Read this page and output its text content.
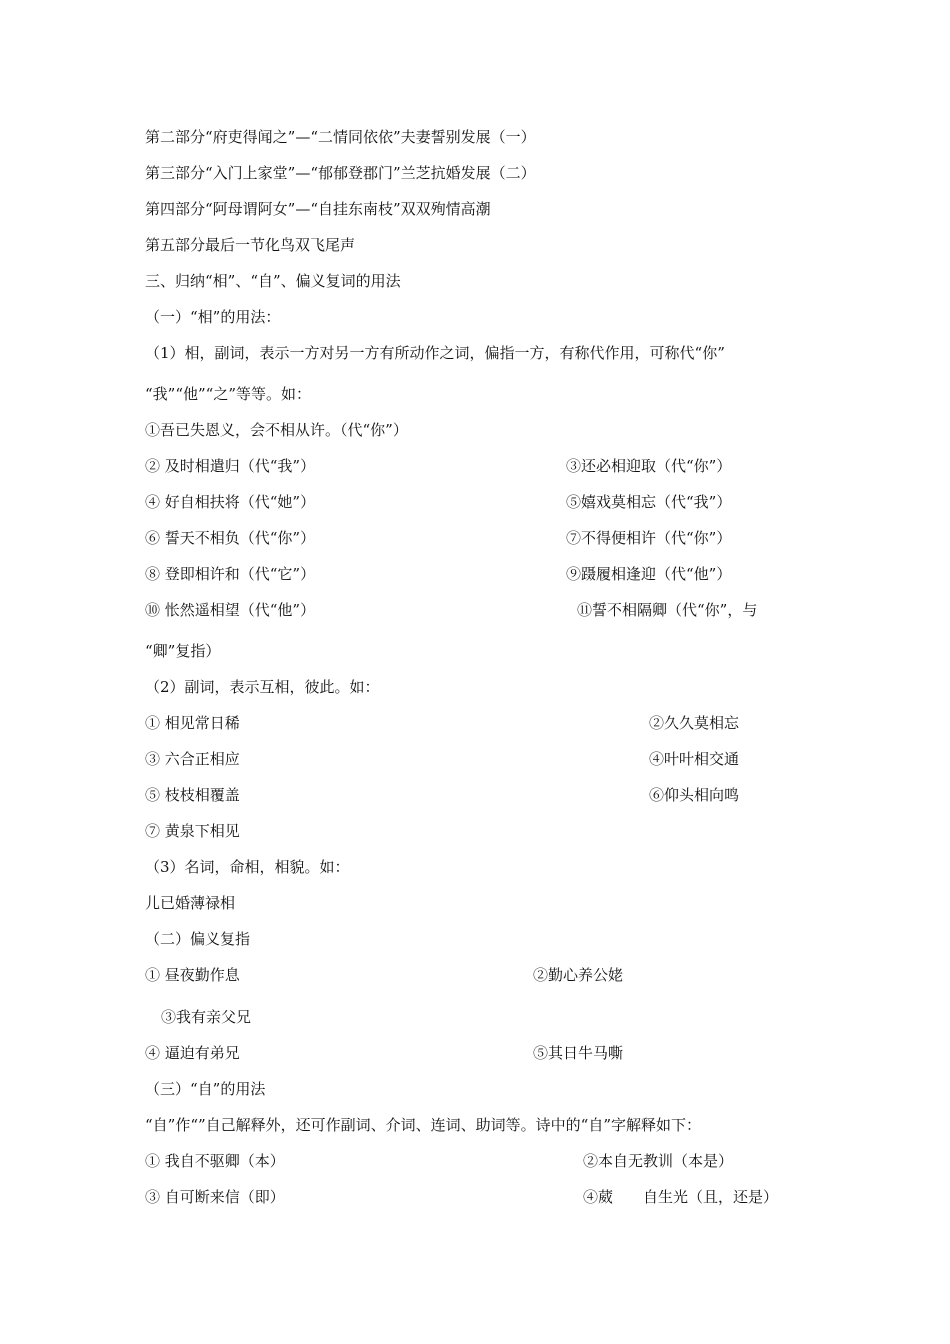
第二部分“府吏得闻之”—“二情同依依”夫妻誓别发展（一）
第三部分“入门上家堂”—“郁郁登郡门”兰芝抗婚发展（二）
第四部分“阿母谓阿女”—“自挂东南枝”双双殉情高潮
第五部分最后一节化鸟双飞尾声
三、归纳“相”、“自”、偏义复词的用法
（一）“相”的用法：
（1）相，副词，表示一方对另一方有所动作之词，偏指一方，有称代作用，可称代“你”
“我”“他”“之”等等。如：
①吾已失恩义，会不相从许。（代“你”）
② 及时相遣归（代“我”）	③还必相迎取（代“你”）
④ 好自相扶将（代“她”）	⑤嬉戏莫相忘（代“我”）
⑥ 誓天不相负（代“你”）	⑦不得便相许（代“你”）
⑧ 登即相许和（代“它”）	⑨蹑履相逢迎（代“他”）
⑩ 怅然遥相望（代“他”）	⑪誓不相隔卿（代“你”，与
“卿”复指）
（2）副词，表示互相，彼此。如：
① 相见常日稀	②久久莫相忘
③ 六合正相应	④叶叶相交通
⑤ 枝枝相覆盖	⑥仰头相向鸣
⑦ 黄泉下相见
（3）名词，命相，相貌。如：
儿已婚薄禄相
（二）偏义复指
① 昼夜勤作息	②勤心养公姥
③我有亲父兄
④ 逼迫有弟兄	⑤其日牛马嘶
（三）“自”的用法
“自”作“”自己解释外，还可作副词、介词、连词、助词等。诗中的“自”字解释如下：
① 我自不驱卿（本）	②本自无教训（本是）
③ 自可断来信（即）	④葳　　自生光（且，还是）
